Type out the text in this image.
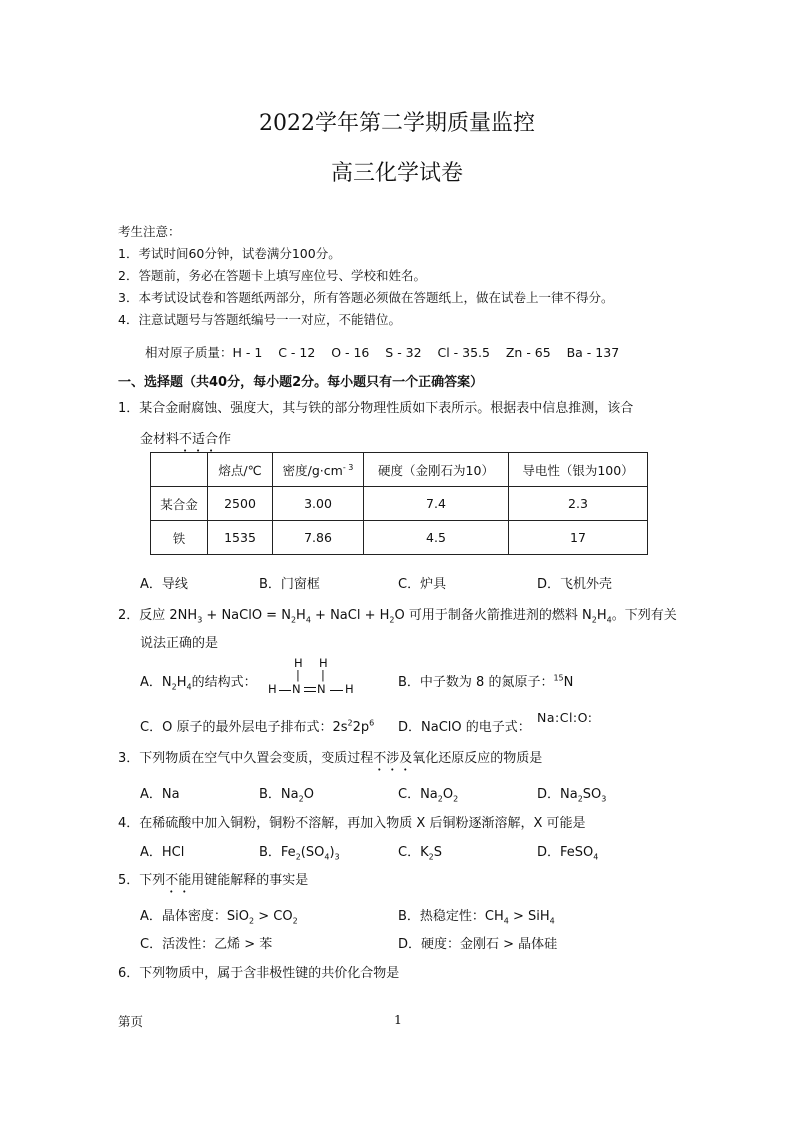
2022学年第二学期质量监控
高三化学试卷
考生注意：
1．考试时间60分钟，试卷满分100分。
2．答题前，务必在答题卡上填写座位号、学校和姓名。
3．本考试设试卷和答题纸两部分，所有答题必须做在答题纸上，做在试卷上一律不得分。
4．注意试题号与答题纸编号一一对应，不能错位。
相对原子质量：H - 1    C - 12    O - 16    S - 32    Cl - 35.5    Zn - 65    Ba - 137
一、选择题（共40分，每小题2分。每小题只有一个正确答案）
1．某合金耐腐蚀、强度大，其与铁的部分物理性质如下表所示。根据表中信息推测，该合
金材料不适合作
	熔点/℃	密度$/g\cdot cm^{- 3}$	硬度（金刚石为10）	导电性（银为100）
某合金	2500	3.00	7.4	2.3
铁	1535	7.86	4.5	17
A．导线	B．门窗框	C．炉具	D．飞机外壳
2．反应 $2NH_3$ + NaClO = $N_2H_4$ + NaCl + $H_2O$ 可用于制备火箭推进剂的燃料 $N_2H_4$。下列有关
说法正确的是
A．$N_2H_4$的结构式：
H H
| |
H N N H	B．中子数为 8 的氮原子：$^{15}$N
C．O 原子的最外层电子排布式：$2s^22p^6$ D．NaClO 的电子式：
Na:Cl:O:
3．下列物质在空气中久置会变质，变质过程不涉及氧化还原反应的物质是
A．Na	B．$Na_2O$	C．$Na_2O_2$	D．$Na_2SO_3$
4．在稀硫酸中加入铜粉，铜粉不溶解，再加入物质 X 后铜粉逐渐溶解，X 可能是
A．HCl	B．$Fe_2(SO_4)_3$	C．$K_2S$	D．FeSO$_4$
5．下列不能用键能解释的事实是
A．晶体密度：$SiO_2 > CO_2$	B．热稳定性：$CH_4 > SiH_4$
C．活泼性：乙烯 > 苯	D．硬度：金刚石 > 晶体硅
6．下列物质中，属于含非极性键的共价化合物是
第页	1
